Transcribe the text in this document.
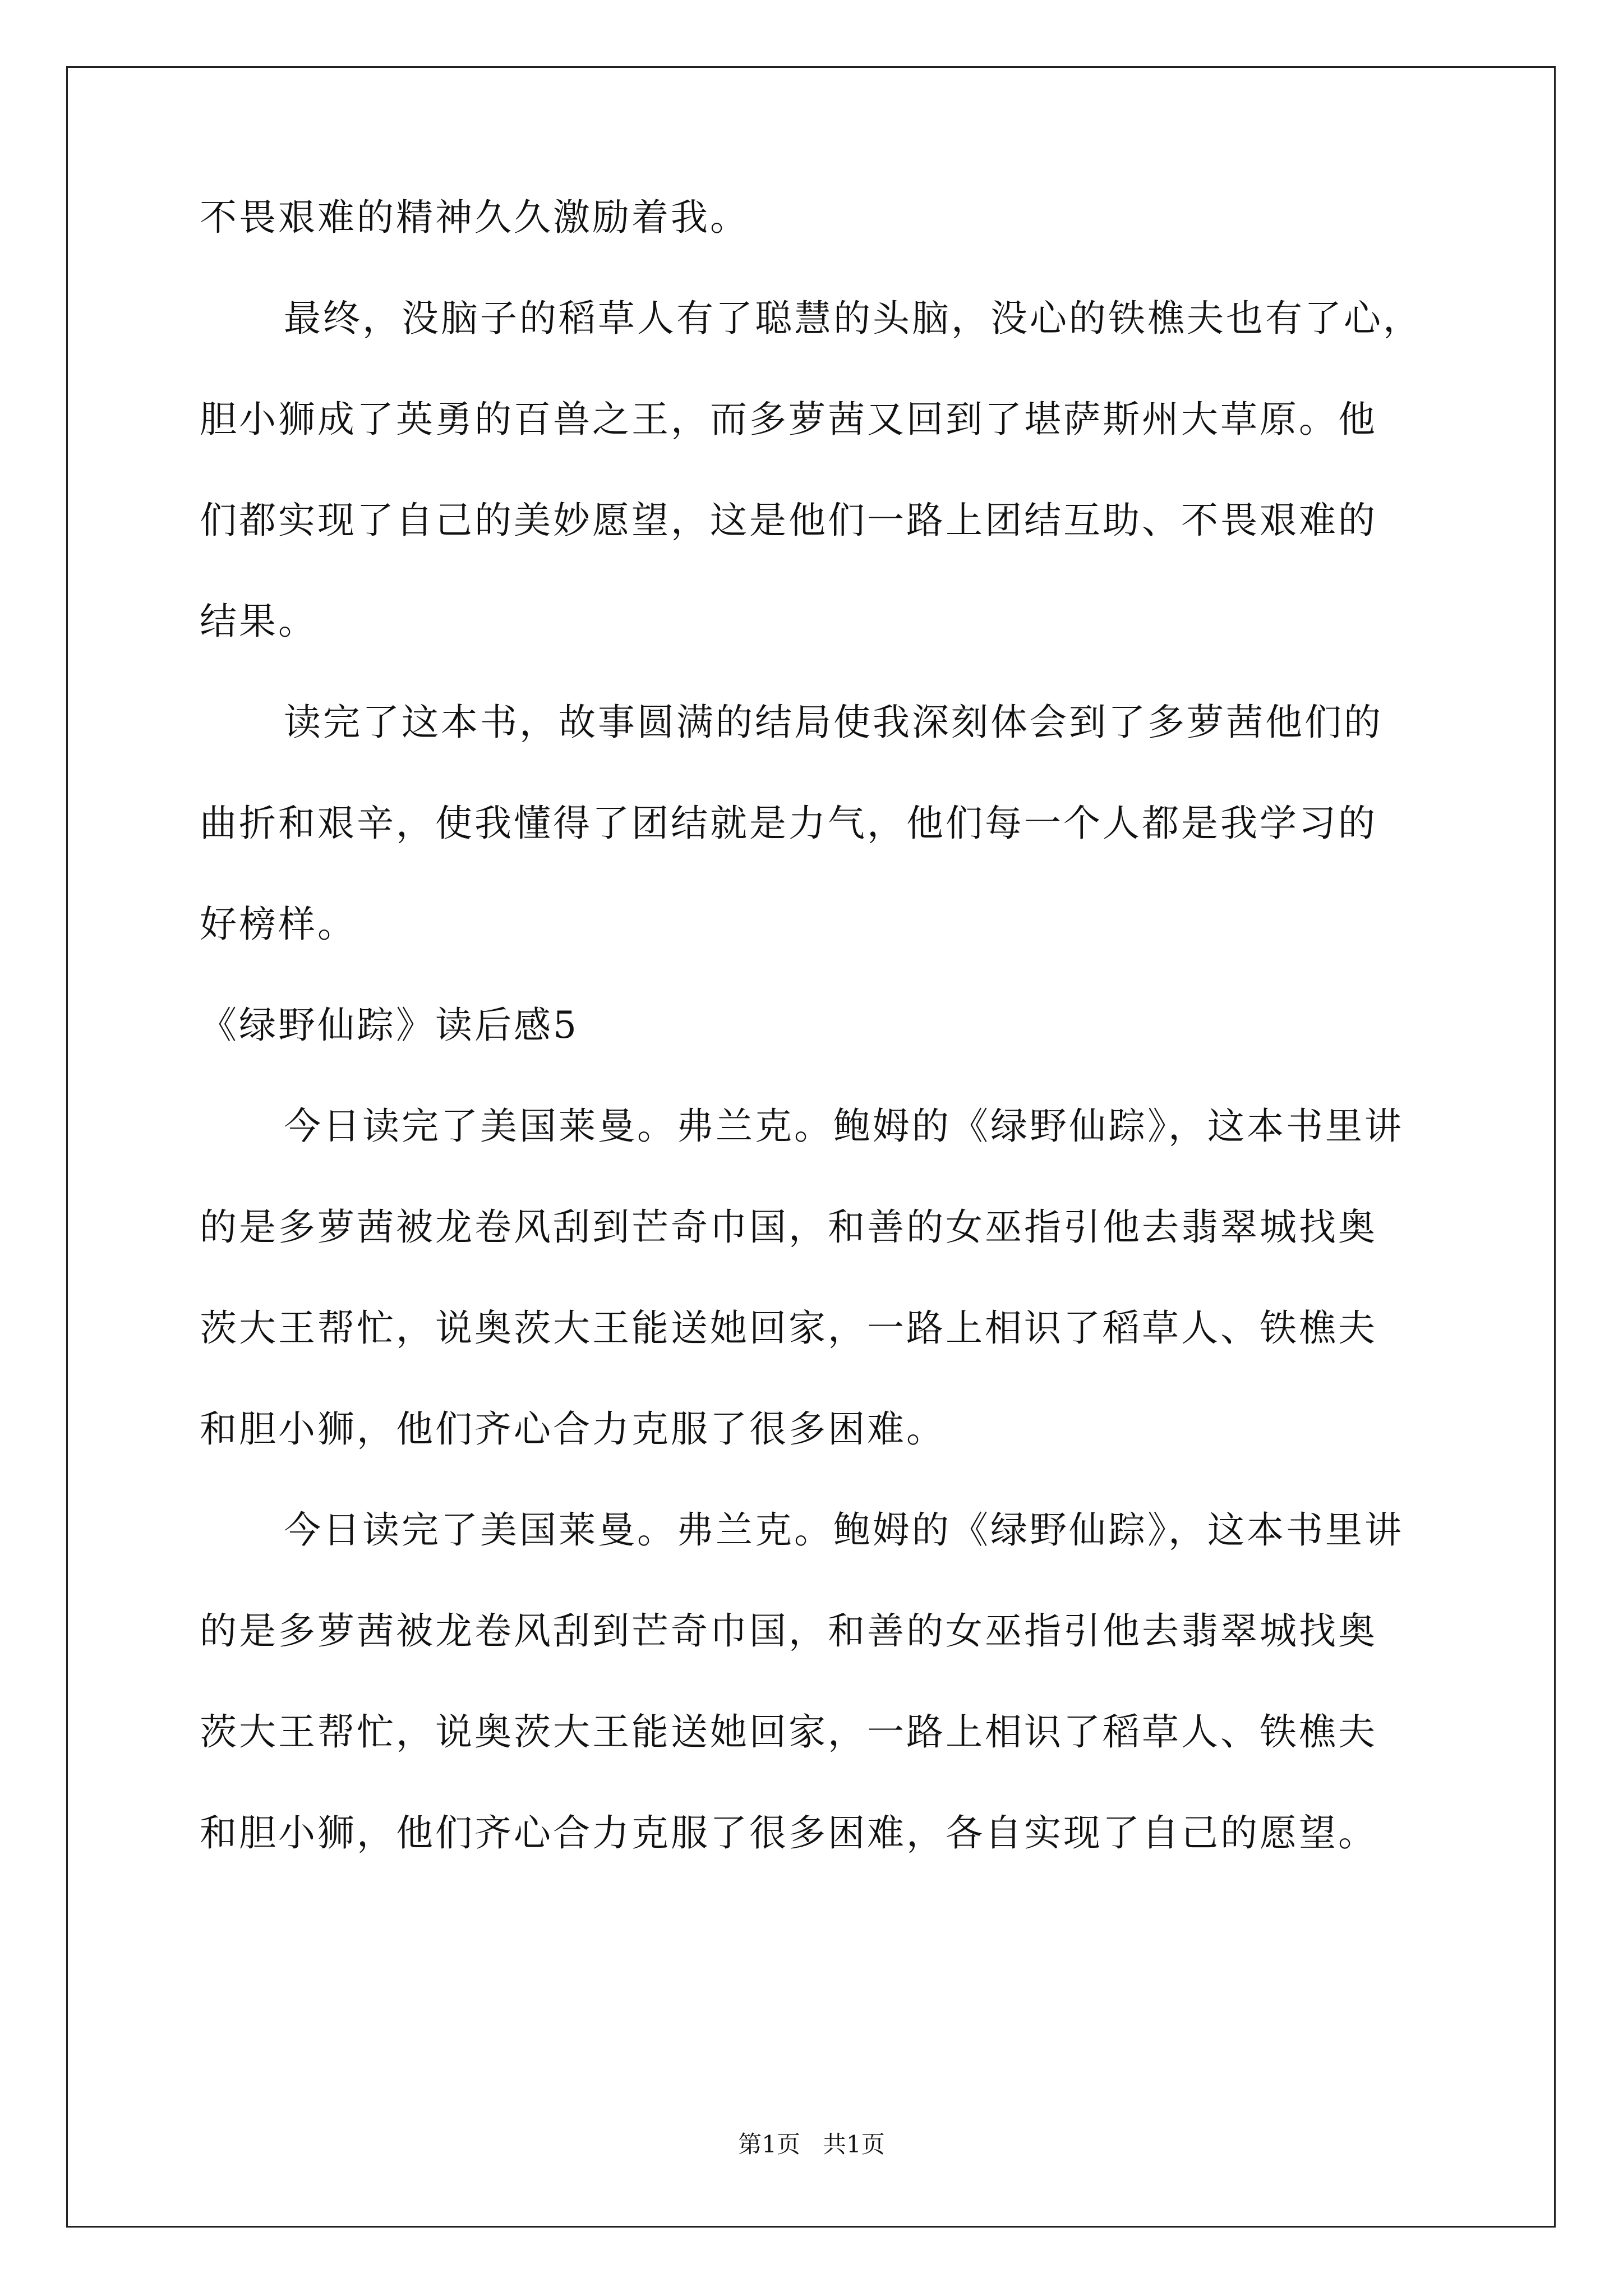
不畏艰难的精神久久激励着我。
最终，没脑子的稻草人有了聪慧的头脑，没心的铁樵夫也有了心，
胆小狮成了英勇的百兽之王，而多萝茜又回到了堪萨斯州大草原。他
们都实现了自己的美妙愿望，这是他们一路上团结互助、不畏艰难的
结果。
读完了这本书，故事圆满的结局使我深刻体会到了多萝茜他们的
曲折和艰辛，使我懂得了团结就是力气，他们每一个人都是我学习的
好榜样。
《绿野仙踪》读后感5
今日读完了美国莱曼。弗兰克。鲍姆的《绿野仙踪》，这本书里讲
的是多萝茜被龙卷风刮到芒奇巾国，和善的女巫指引他去翡翠城找奥
茨大王帮忙，说奥茨大王能送她回家，一路上相识了稻草人、铁樵夫
和胆小狮，他们齐心合力克服了很多困难。
今日读完了美国莱曼。弗兰克。鲍姆的《绿野仙踪》，这本书里讲
的是多萝茜被龙卷风刮到芒奇巾国，和善的女巫指引他去翡翠城找奥
茨大王帮忙，说奥茨大王能送她回家，一路上相识了稻草人、铁樵夫
和胆小狮，他们齐心合力克服了很多困难，各自实现了自己的愿望。
第1页   共1页
